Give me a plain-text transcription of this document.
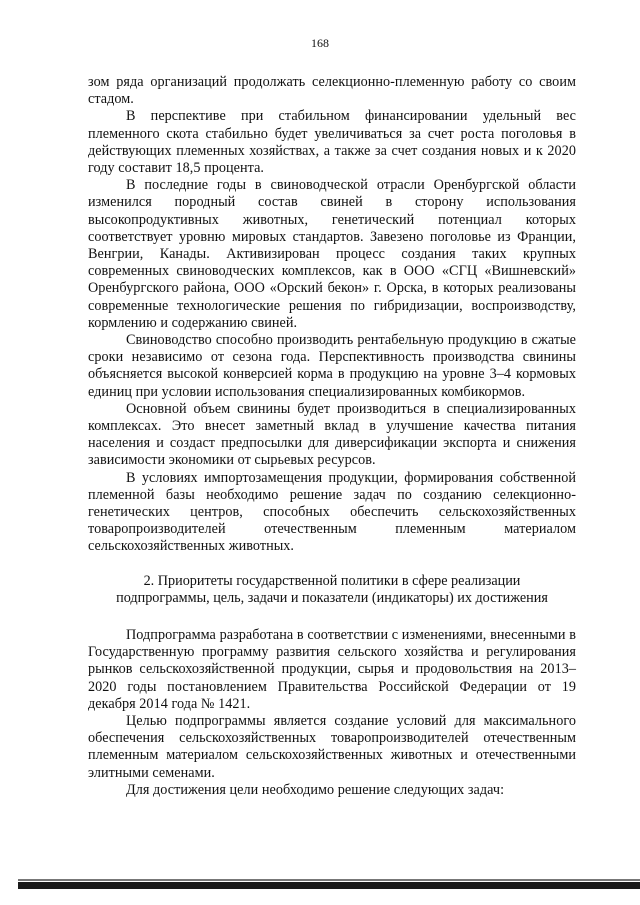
168

зом ряда организаций продолжать селекционно-племенную работу со своим стадом.

В перспективе при стабильном финансировании удельный вес племенного скота стабильно будет увеличиваться за счет роста поголовья в действующих племенных хозяйствах, а также за счет создания новых и к 2020 году составит 18,5 процента.

В последние годы в свиноводческой отрасли Оренбургской области изменился породный состав свиней в сторону использования высокопродуктивных животных, генетический потенциал которых соответствует уровню мировых стандартов. Завезено поголовье из Франции, Венгрии, Канады. Активизирован процесс создания таких крупных современных свиноводческих комплексов, как в ООО «СГЦ «Вишневский» Оренбургского района, ООО «Орский бекон» г. Орска, в которых реализованы современные технологические решения по гибридизации, воспроизводству, кормлению и содержанию свиней.

Свиноводство способно производить рентабельную продукцию в сжатые сроки независимо от сезона года. Перспективность производства свинины объясняется высокой конверсией корма в продукцию на уровне 3–4 кормовых единиц при условии использования специализированных комбикормов.

Основной объем свинины будет производиться в специализированных комплексах. Это внесет заметный вклад в улучшение качества питания населения и создаст предпосылки для диверсификации экспорта и снижения зависимости экономики от сырьевых ресурсов.

В условиях импортозамещения продукции, формирования собственной племенной базы необходимо решение задач по созданию селекционно-генетических центров, способных обеспечить сельскохозяйственных товаропроизводителей отечественным племенным материалом сельскохозяйственных животных.

2. Приоритеты государственной политики в сфере реализации
подпрограммы, цель, задачи и показатели (индикаторы) их достижения

Подпрограмма разработана в соответствии с изменениями, внесенными в Государственную программу развития сельского хозяйства и регулирования рынков сельскохозяйственной продукции, сырья и продовольствия на 2013–2020 годы постановлением Правительства Российской Федерации от 19 декабря 2014 года № 1421.

Целью подпрограммы является создание условий для максимального обеспечения сельскохозяйственных товаропроизводителей отечественным племенным материалом сельскохозяйственных животных и отечественными элитными семенами.

Для достижения цели необходимо решение следующих задач:
